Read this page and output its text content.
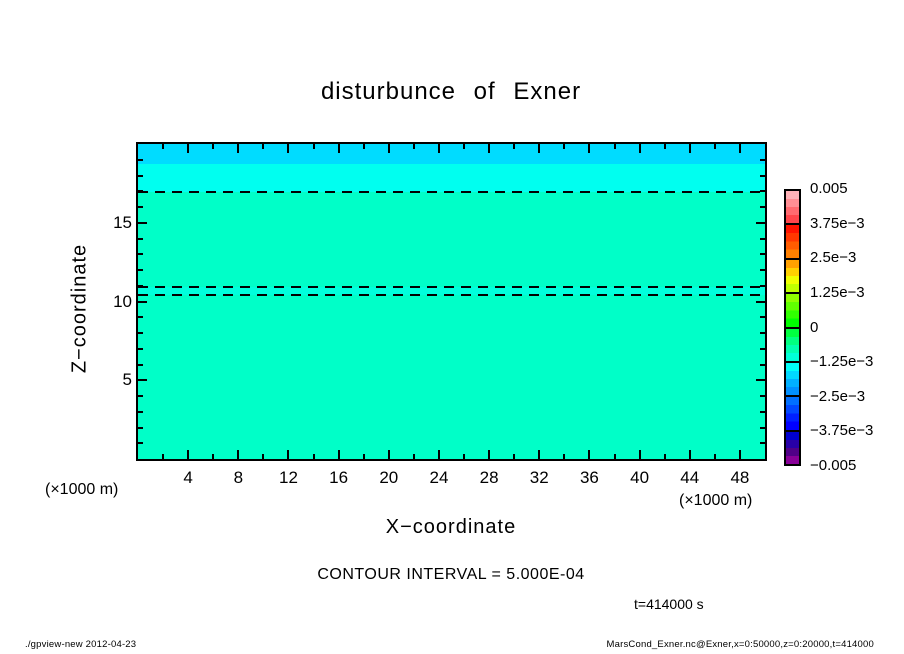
disturbunce of Exner
Z−coordinate
(×1000 m)
(×1000 m)
X−coordinate
CONTOUR INTERVAL = 5.000E-04
t=414000 s
./gpview-new 2012-04-23	MarsCond_Exner.nc@Exner,x=0:50000,z=0:20000,t=414000
4 8 12 16 20 24 28 32 36 40 44 48
5
10
15
0.005
3.75e−3
2.5e−3
1.25e−3
0
−1.25e−3
−2.5e−3
−3.75e−3
−0.005
